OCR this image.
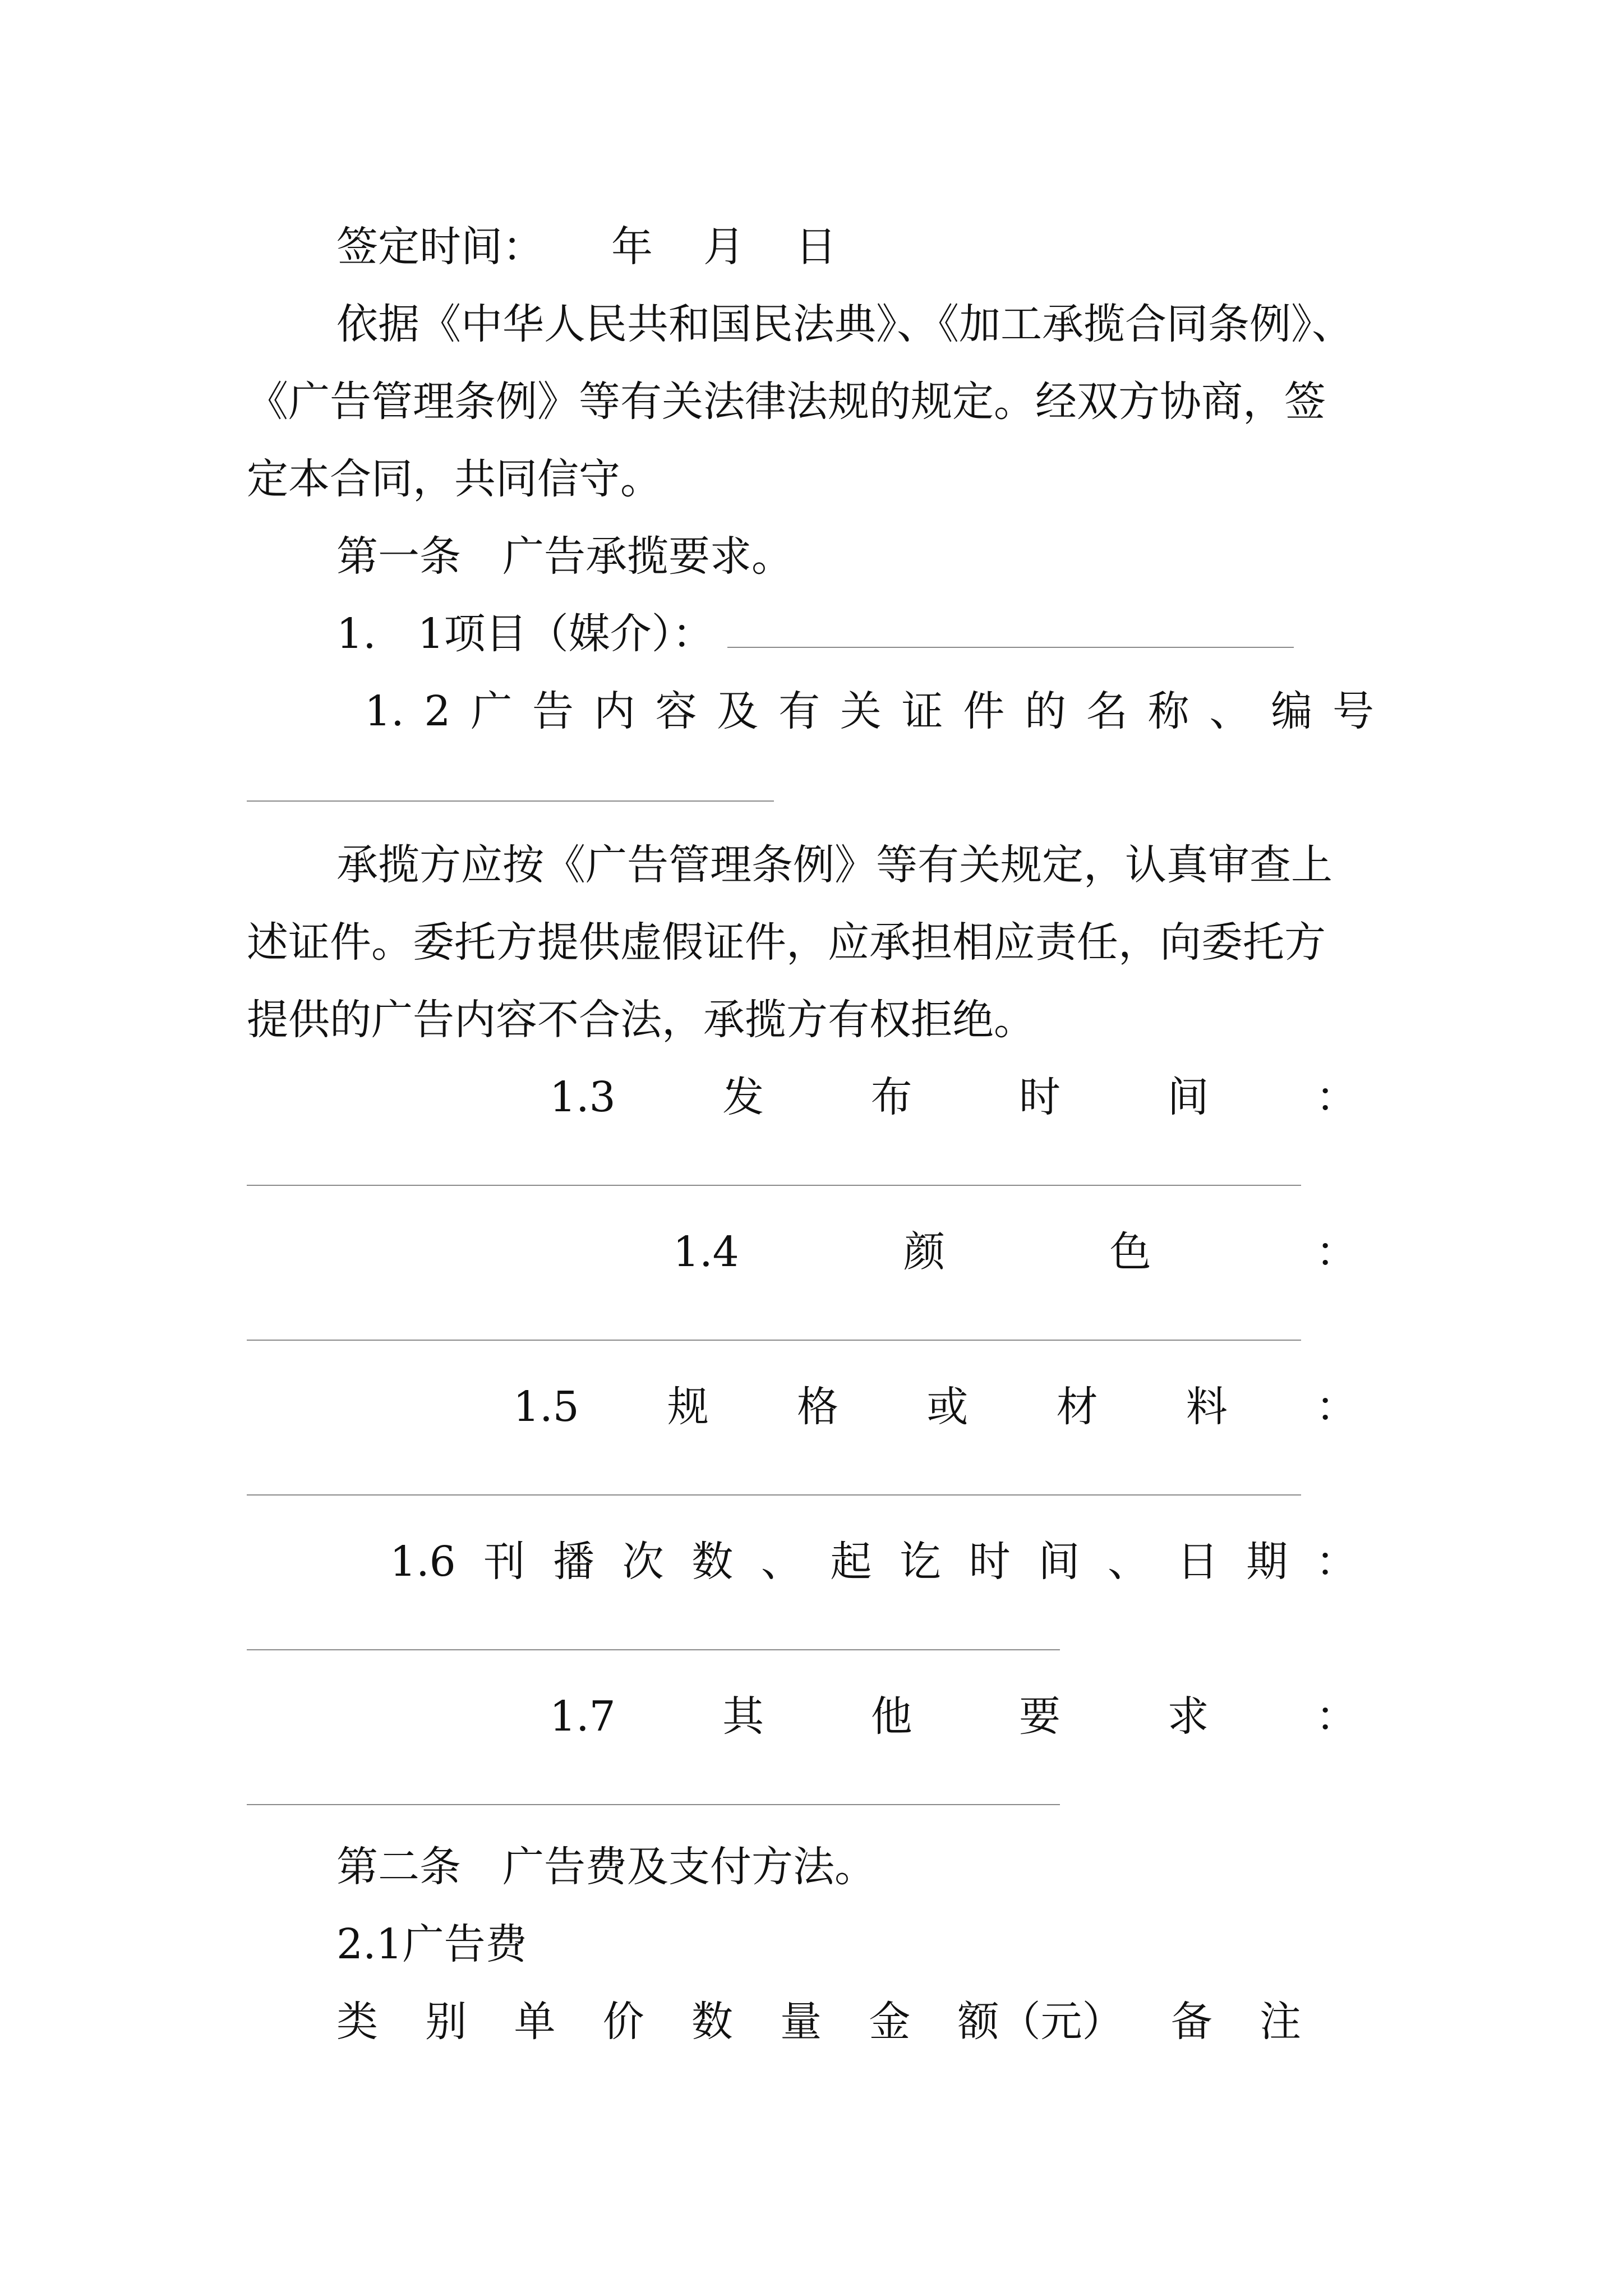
签定时间： 年 月 日

依据《中华人民共和国民法典》、《加工承揽合同条例》、

《广告管理条例》等有关法律法规的规定。经双方协商，签

定本合同，共同信守。

第一条　广告承揽要求。

1.　1项目（媒介）：
1. 2 广 告 内 容 及 有 关 证 件 的 名 称 、 编 号

承揽方应按《广告管理条例》等有关规定，认真审查上

述证件。委托方提供虚假证件，应承担相应责任，向委托方

提供的广告内容不合法，承揽方有权拒绝。

1.3	发	布	时	间	：
1.4	颜	色	：
1.5 规 格 或 材 料 ：
1.6 刊 播 次 数 、 起 讫 时 间 、 日 期 ：
1.7	其	他	要	求	：

第二条　广告费及支付方法。

2.1广告费

类 别 单 价 数 量 金 额（元） 备 注
